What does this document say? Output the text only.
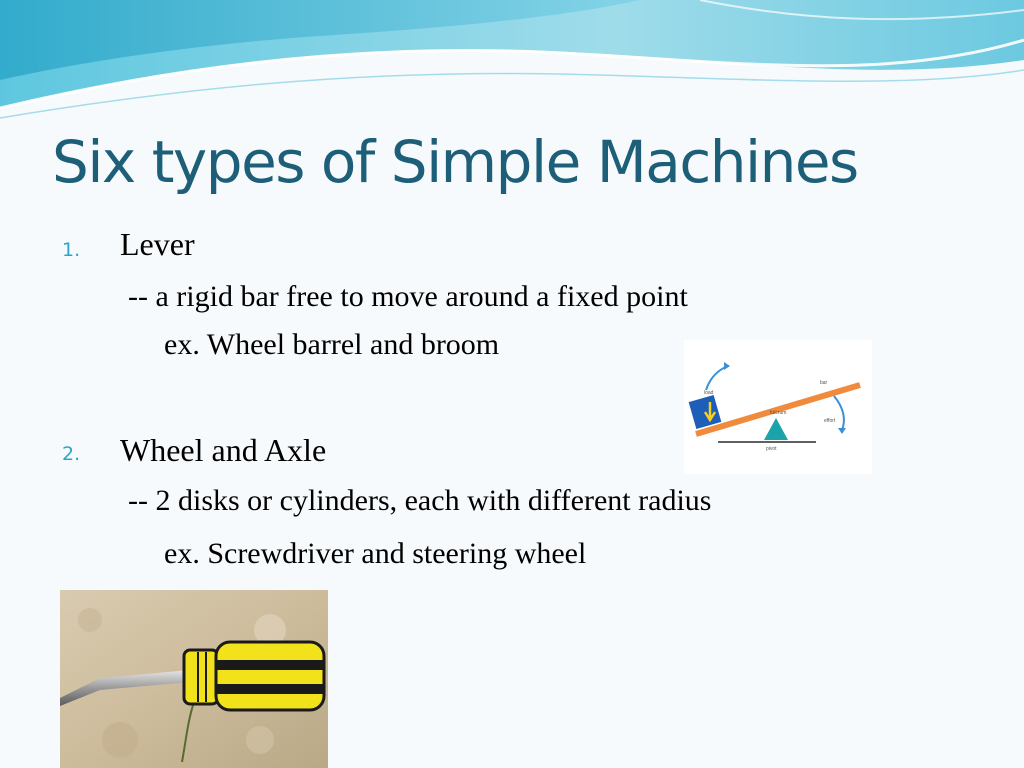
Six types of Simple Machines
1. Lever
-- a rigid bar free to move around a fixed point
ex. Wheel barrel and broom
2. Wheel and Axle
-- 2 disks or cylinders, each with different radius
ex. Screwdriver and steering wheel
load
bar
fulcrum
effort
pivot
